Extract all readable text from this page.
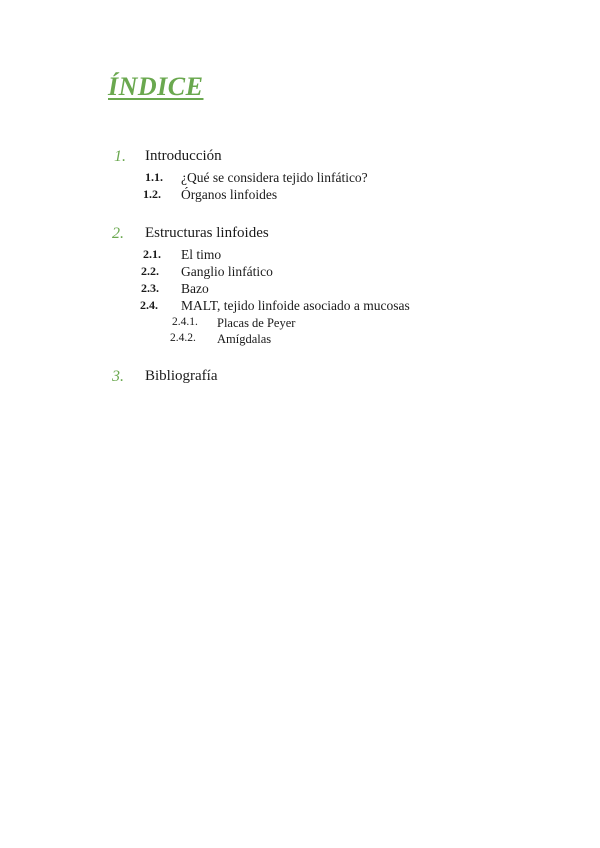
ÍNDICE
1. Introducción
1.1. ¿Qué se considera tejido linfático?
1.2. Órganos linfoides
2. Estructuras linfoides
2.1. El timo
2.2. Ganglio linfático
2.3. Bazo
2.4. MALT, tejido linfoide asociado a mucosas
2.4.1. Placas de Peyer
2.4.2. Amígdalas
3. Bibliografía
